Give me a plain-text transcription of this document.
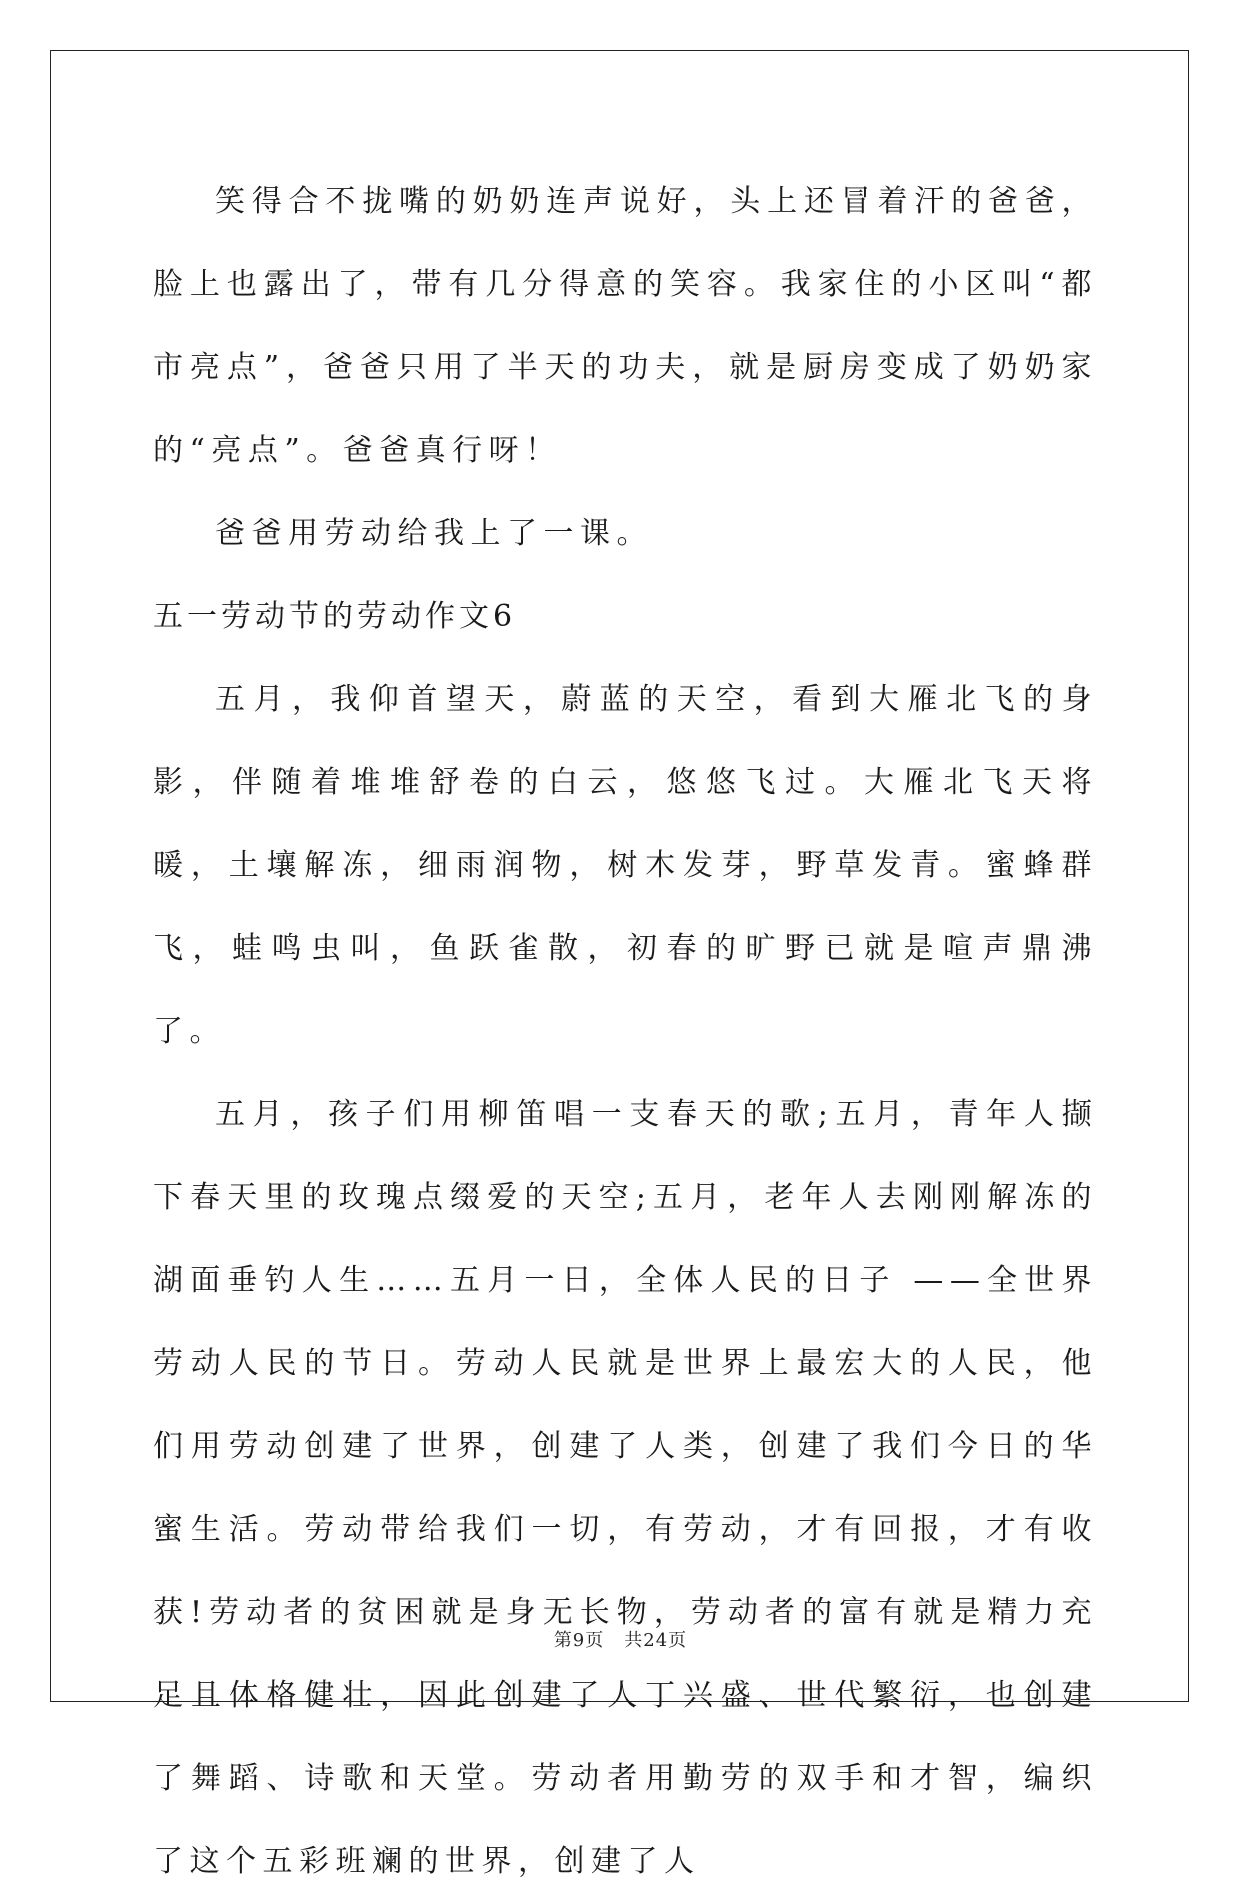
笑得合不拢嘴的奶奶连声说好，头上还冒着汗的爸爸，脸上也露出了，带有几分得意的笑容。我家住的小区叫“都市亮点”，爸爸只用了半天的功夫，就是厨房变成了奶奶家的“亮点”。爸爸真行呀！

爸爸用劳动给我上了一课。

五一劳动节的劳动作文6

五月，我仰首望天，蔚蓝的天空，看到大雁北飞的身影，伴随着堆堆舒卷的白云，悠悠飞过。大雁北飞天将暖，土壤解冻，细雨润物，树木发芽，野草发青。蜜蜂群飞，蛙鸣虫叫，鱼跃雀散，初春的旷野已就是喧声鼎沸了。

五月，孩子们用柳笛唱一支春天的歌;五月，青年人撷下春天里的玫瑰点缀爱的天空;五月，老年人去刚刚解冻的湖面垂钓人生……五月一日，全体人民的日子 ——全世界劳动人民的节日。劳动人民就是世界上最宏大的人民，他们用劳动创建了世界，创建了人类，创建了我们今日的华蜜生活。劳动带给我们一切，有劳动，才有回报，才有收获!劳动者的贫困就是身无长物，劳动者的富有就是精力充足且体格健壮，因此创建了人丁兴盛、世代繁衍，也创建了舞蹈、诗歌和天堂。劳动者用勤劳的双手和才智，编织了这个五彩班斓的世界，创建了人

第9页 共24页
